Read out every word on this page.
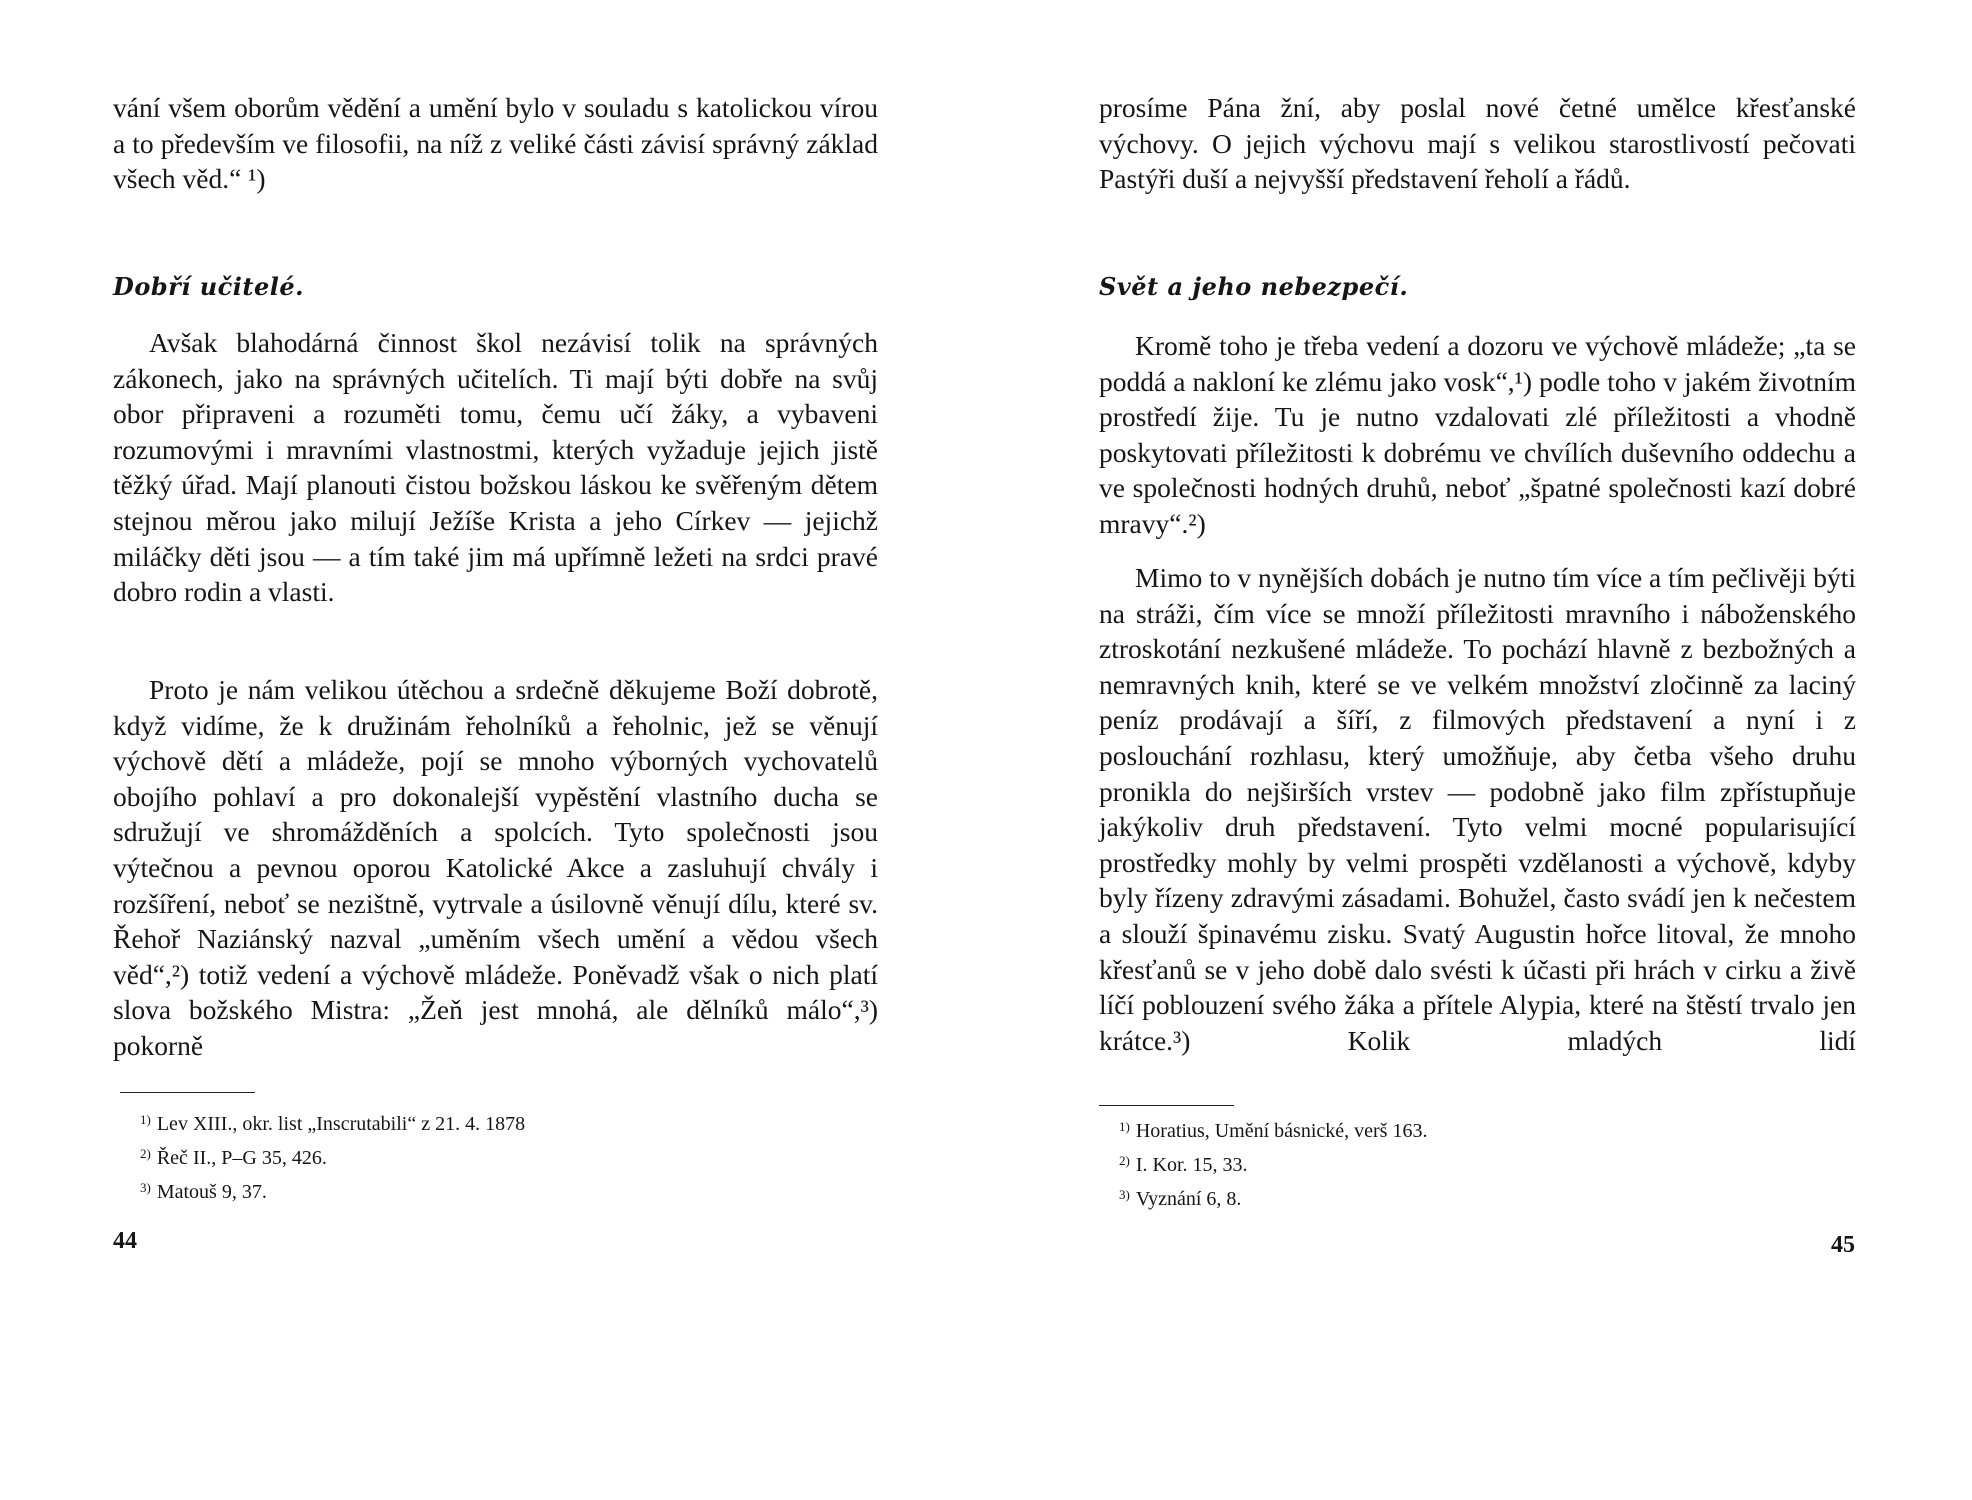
vání všem oborům vědění a umění bylo v souladu s katolickou vírou a to především ve filosofii, na níž z veliké části závisí správný základ všech věd.“ ¹)

Dobří učitelé.

Avšak blahodárná činnost škol nezávisí tolik na správných zákonech, jako na správných učitelích. Ti mají býti dobře na svůj obor připraveni a rozuměti tomu, čemu učí žáky, a vybaveni rozumovými i mravními vlastnostmi, kterých vyžaduje jejich jistě těžký úřad. Mají planouti čistou božskou láskou ke svěřeným dětem stejnou měrou jako milují Ježíše Krista a jeho Církev — jejichž miláčky děti jsou — a tím také jim má upřímně ležeti na srdci pravé dobro rodin a vlasti.

Proto je nám velikou útěchou a srdečně děkujeme Boží dobrotě, když vidíme, že k družinám řeholníků a řeholnic, jež se věnují výchově dětí a mládeže, pojí se mnoho výborných vychovatelů obojího pohlaví a pro dokonalejší vypěstění vlastního ducha se sdružují ve shromážděních a spolcích. Tyto společnosti jsou výtečnou a pevnou oporou Katolické Akce a zasluhují chvály i rozšíření, neboť se nezištně, vytrvale a úsilovně věnují dílu, které sv. Řehoř Naziánský nazval „uměním všech umění a vědou všech věd“,²) totiž vedení a výchově mládeže. Poněvadž však o nich platí slova božského Mistra: „Žeň jest mnohá, ale dělníků málo“,³) pokorně

$^{1)}$ Lev XIII., okr. list „Inscrutabili“ z 21. 4. 1878
$^{2)}$ Řeč II., P–G 35, 426.
$^{3)}$ Matouš 9, 37.
44

prosíme Pána žní, aby poslal nové četné umělce křesťanské výchovy. O jejich výchovu mají s velikou starostlivostí pečovati Pastýři duší a nejvyšší představení řeholí a řádů.

Svět a jeho nebezpečí.

Kromě toho je třeba vedení a dozoru ve výchově mládeže; „ta se poddá a nakloní ke zlému jako vosk“,¹) podle toho v jakém životním prostředí žije. Tu je nutno vzdalovati zlé příležitosti a vhodně poskytovati příležitosti k dobrému ve chvílích duševního oddechu a ve společnosti hodných druhů, neboť „špatné společnosti kazí dobré mravy“.²)

Mimo to v nynějších dobách je nutno tím více a tím pečlivěji býti na stráži, čím více se množí příležitosti mravního i náboženského ztroskotání nezkušené mládeže. To pochází hlavně z bezbožných a nemravných knih, které se ve velkém množství zločinně za laciný peníz prodávají a šíří, z filmových představení a nyní i z poslouchání rozhlasu, který umožňuje, aby četba všeho druhu pronikla do nejširších vrstev — podobně jako film zpřístupňuje jakýkoliv druh představení. Tyto velmi mocné popularisující prostředky mohly by velmi prospěti vzdělanosti a výchově, kdyby byly řízeny zdravými zásadami. Bohužel, často svádí jen k nečestem a slouží špinavému zisku. Svatý Augustin hořce litoval, že mnoho křesťanů se v jeho době dalo svésti k účasti při hrách v cirku a živě líčí poblouzení svého žáka a přítele Alypia, které na štěstí trvalo jen krátce.³) Kolik mladých lidí

$^{1)}$ Horatius, Umění básnické, verš 163.
$^{2)}$ I. Kor. 15, 33.
$^{3)}$ Vyznání 6, 8.
45
